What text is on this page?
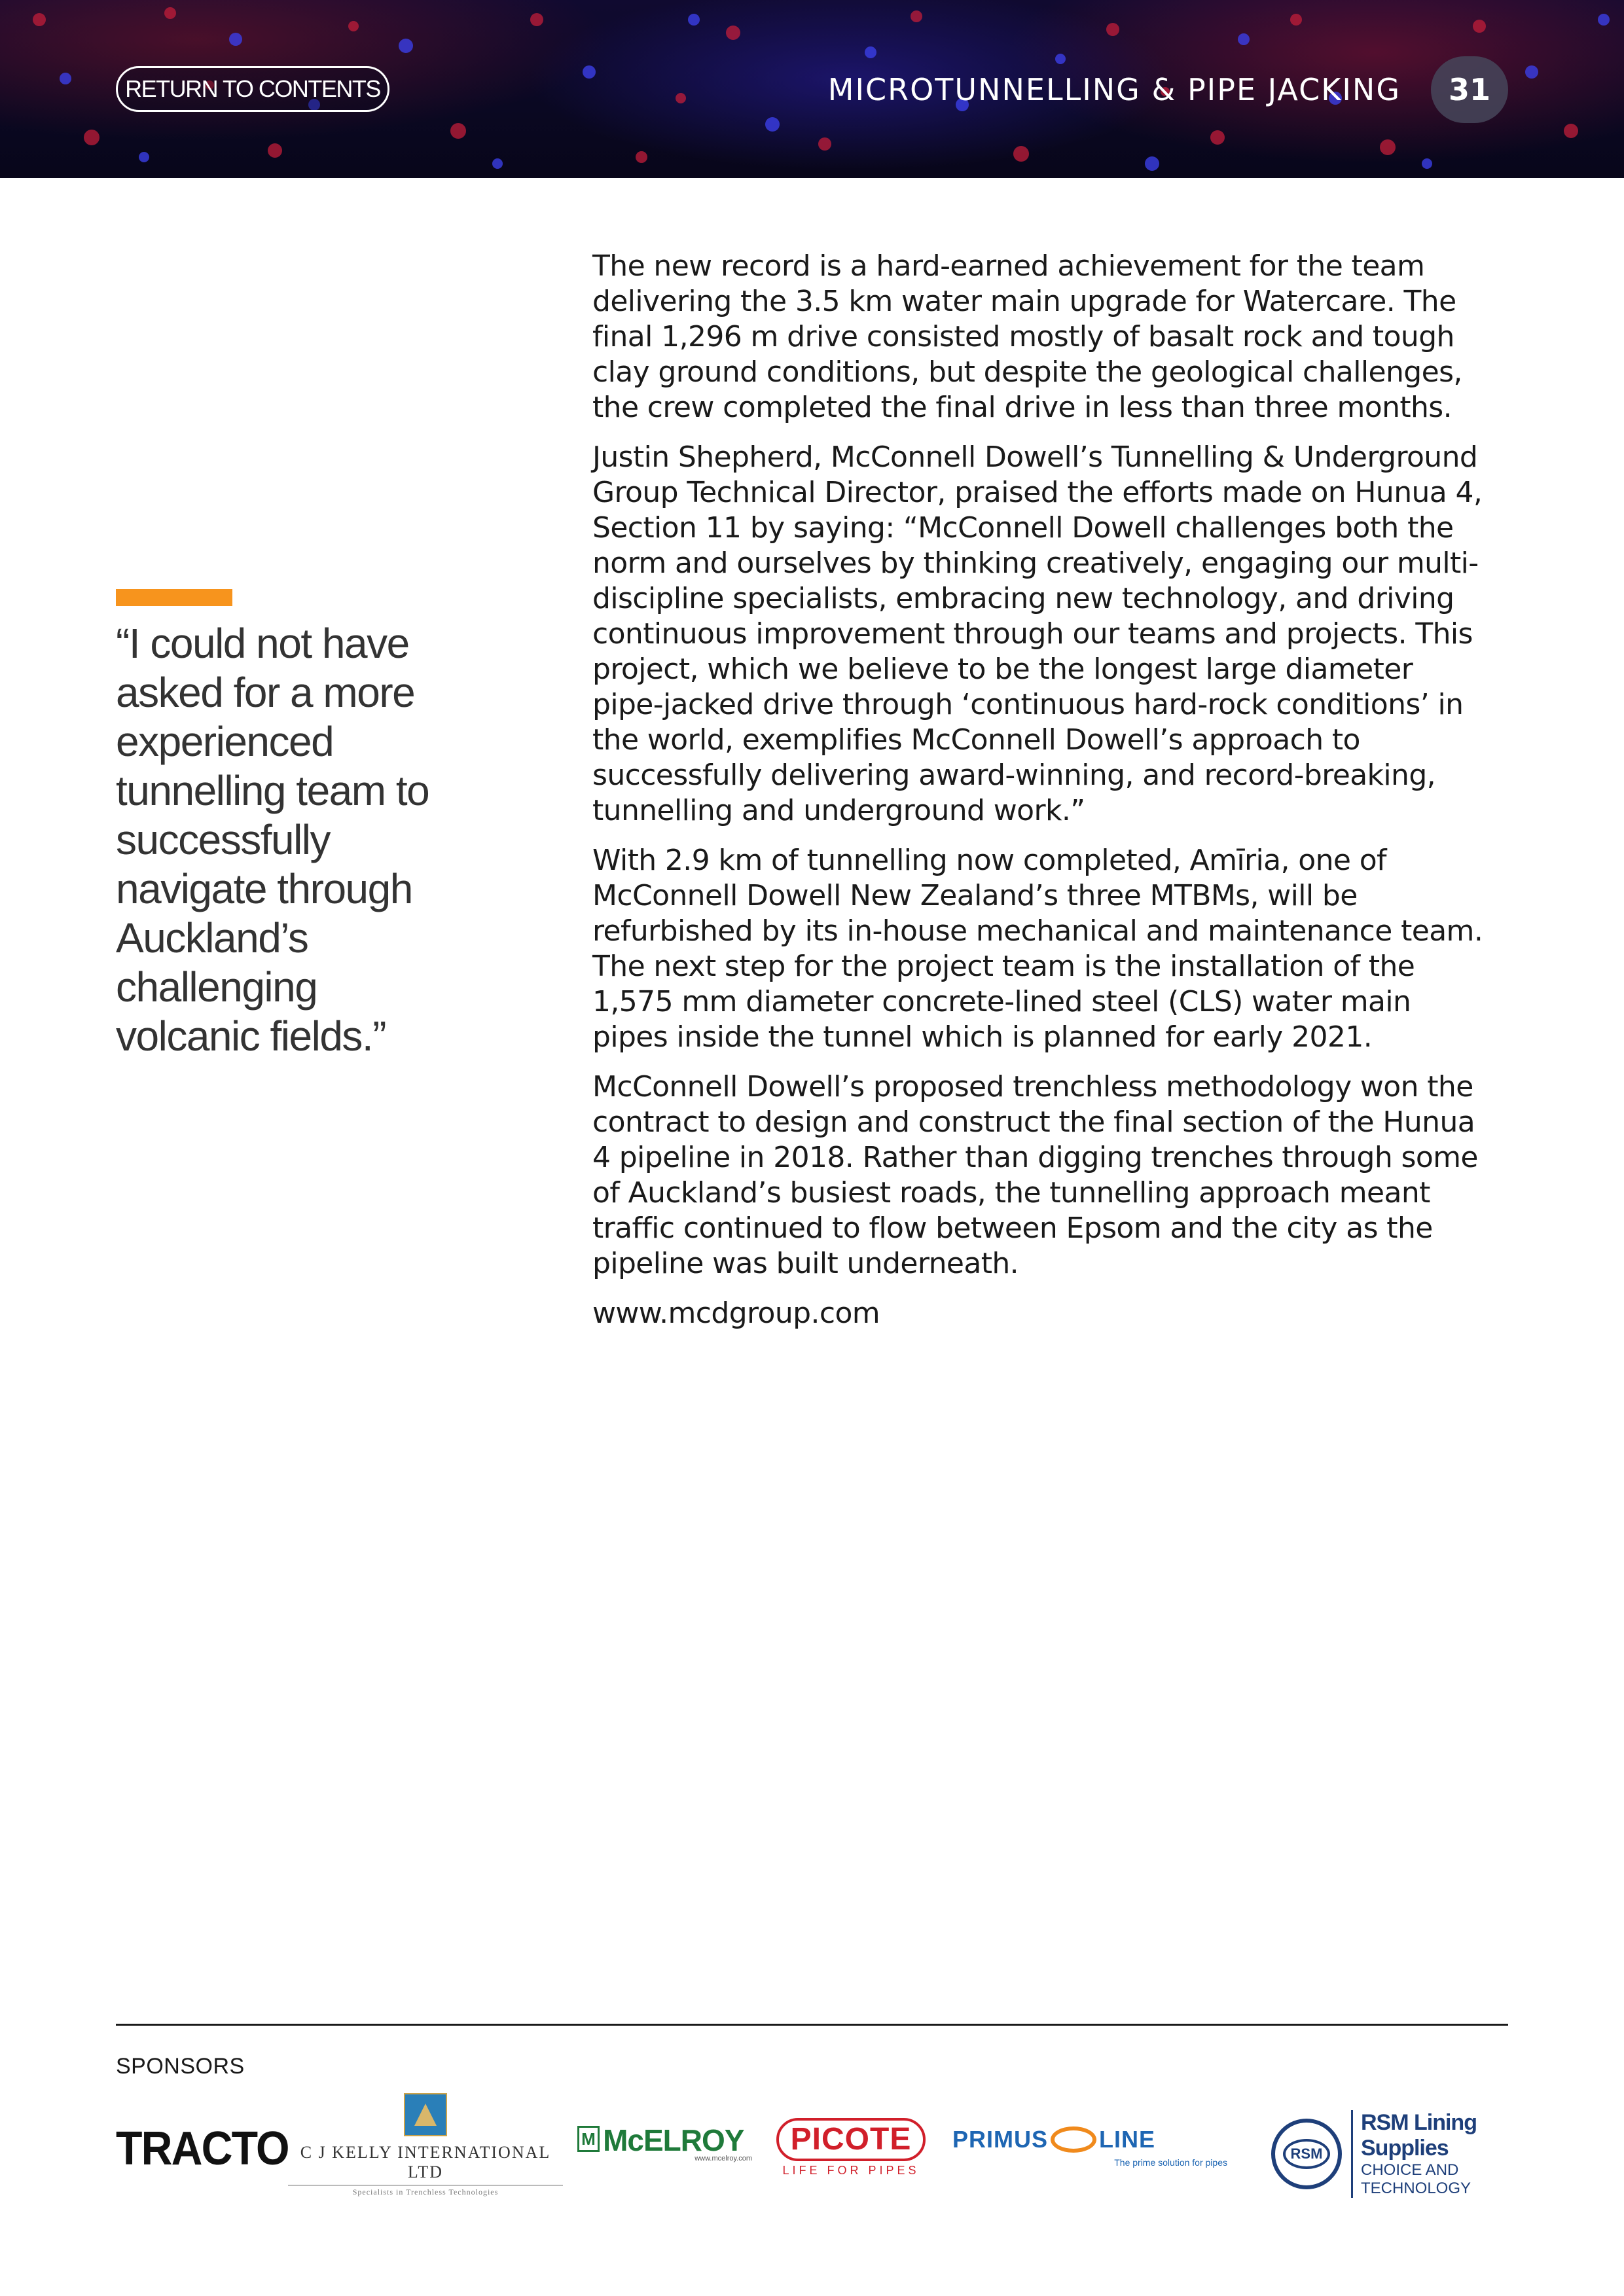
RETURN TO CONTENTS	MICROTUNNELLING & PIPE JACKING	31

“I could not have asked for a more experienced tunnelling team to successfully navigate through Auckland’s challenging volcanic fields.”

The new record is a hard-earned achievement for the team delivering the 3.5 km water main upgrade for Watercare. The final 1,296 m drive consisted mostly of basalt rock and tough clay ground conditions, but despite the geological challenges, the crew completed the final drive in less than three months.

Justin Shepherd, McConnell Dowell’s Tunnelling & Underground Group Technical Director, praised the efforts made on Hunua 4, Section 11 by saying: “McConnell Dowell challenges both the norm and ourselves by thinking creatively, engaging our multi-discipline specialists, embracing new technology, and driving continuous improvement through our teams and projects. This project, which we believe to be the longest large diameter pipe-jacked drive through ‘continuous hard-rock conditions’ in the world, exemplifies McConnell Dowell’s approach to successfully delivering award-winning, and record-breaking, tunnelling and underground work.”

With 2.9 km of tunnelling now completed, Amīria, one of McConnell Dowell New Zealand’s three MTBMs, will be refurbished by its in-house mechanical and maintenance team. The next step for the project team is the installation of the 1,575 mm diameter concrete-lined steel (CLS) water main pipes inside the tunnel which is planned for early 2021.

McConnell Dowell’s proposed trenchless methodology won the contract to design and construct the final section of the Hunua 4 pipeline in 2018. Rather than digging trenches through some of Auckland’s busiest roads, the tunnelling approach meant traffic continued to flow between Epsom and the city as the pipeline was built underneath.

www.mcdgroup.com

SPONSORS
TRACTO C J KELLY INTERNATIONAL LTD
Specialists in Trenchless Technologies
M McELROY
www.mcelroy.com
PICOTE
LIFE FOR PIPES
PRIMUS LINE
The prime solution for pipes
RSM
RSM Lining Supplies
CHOICE AND TECHNOLOGY
